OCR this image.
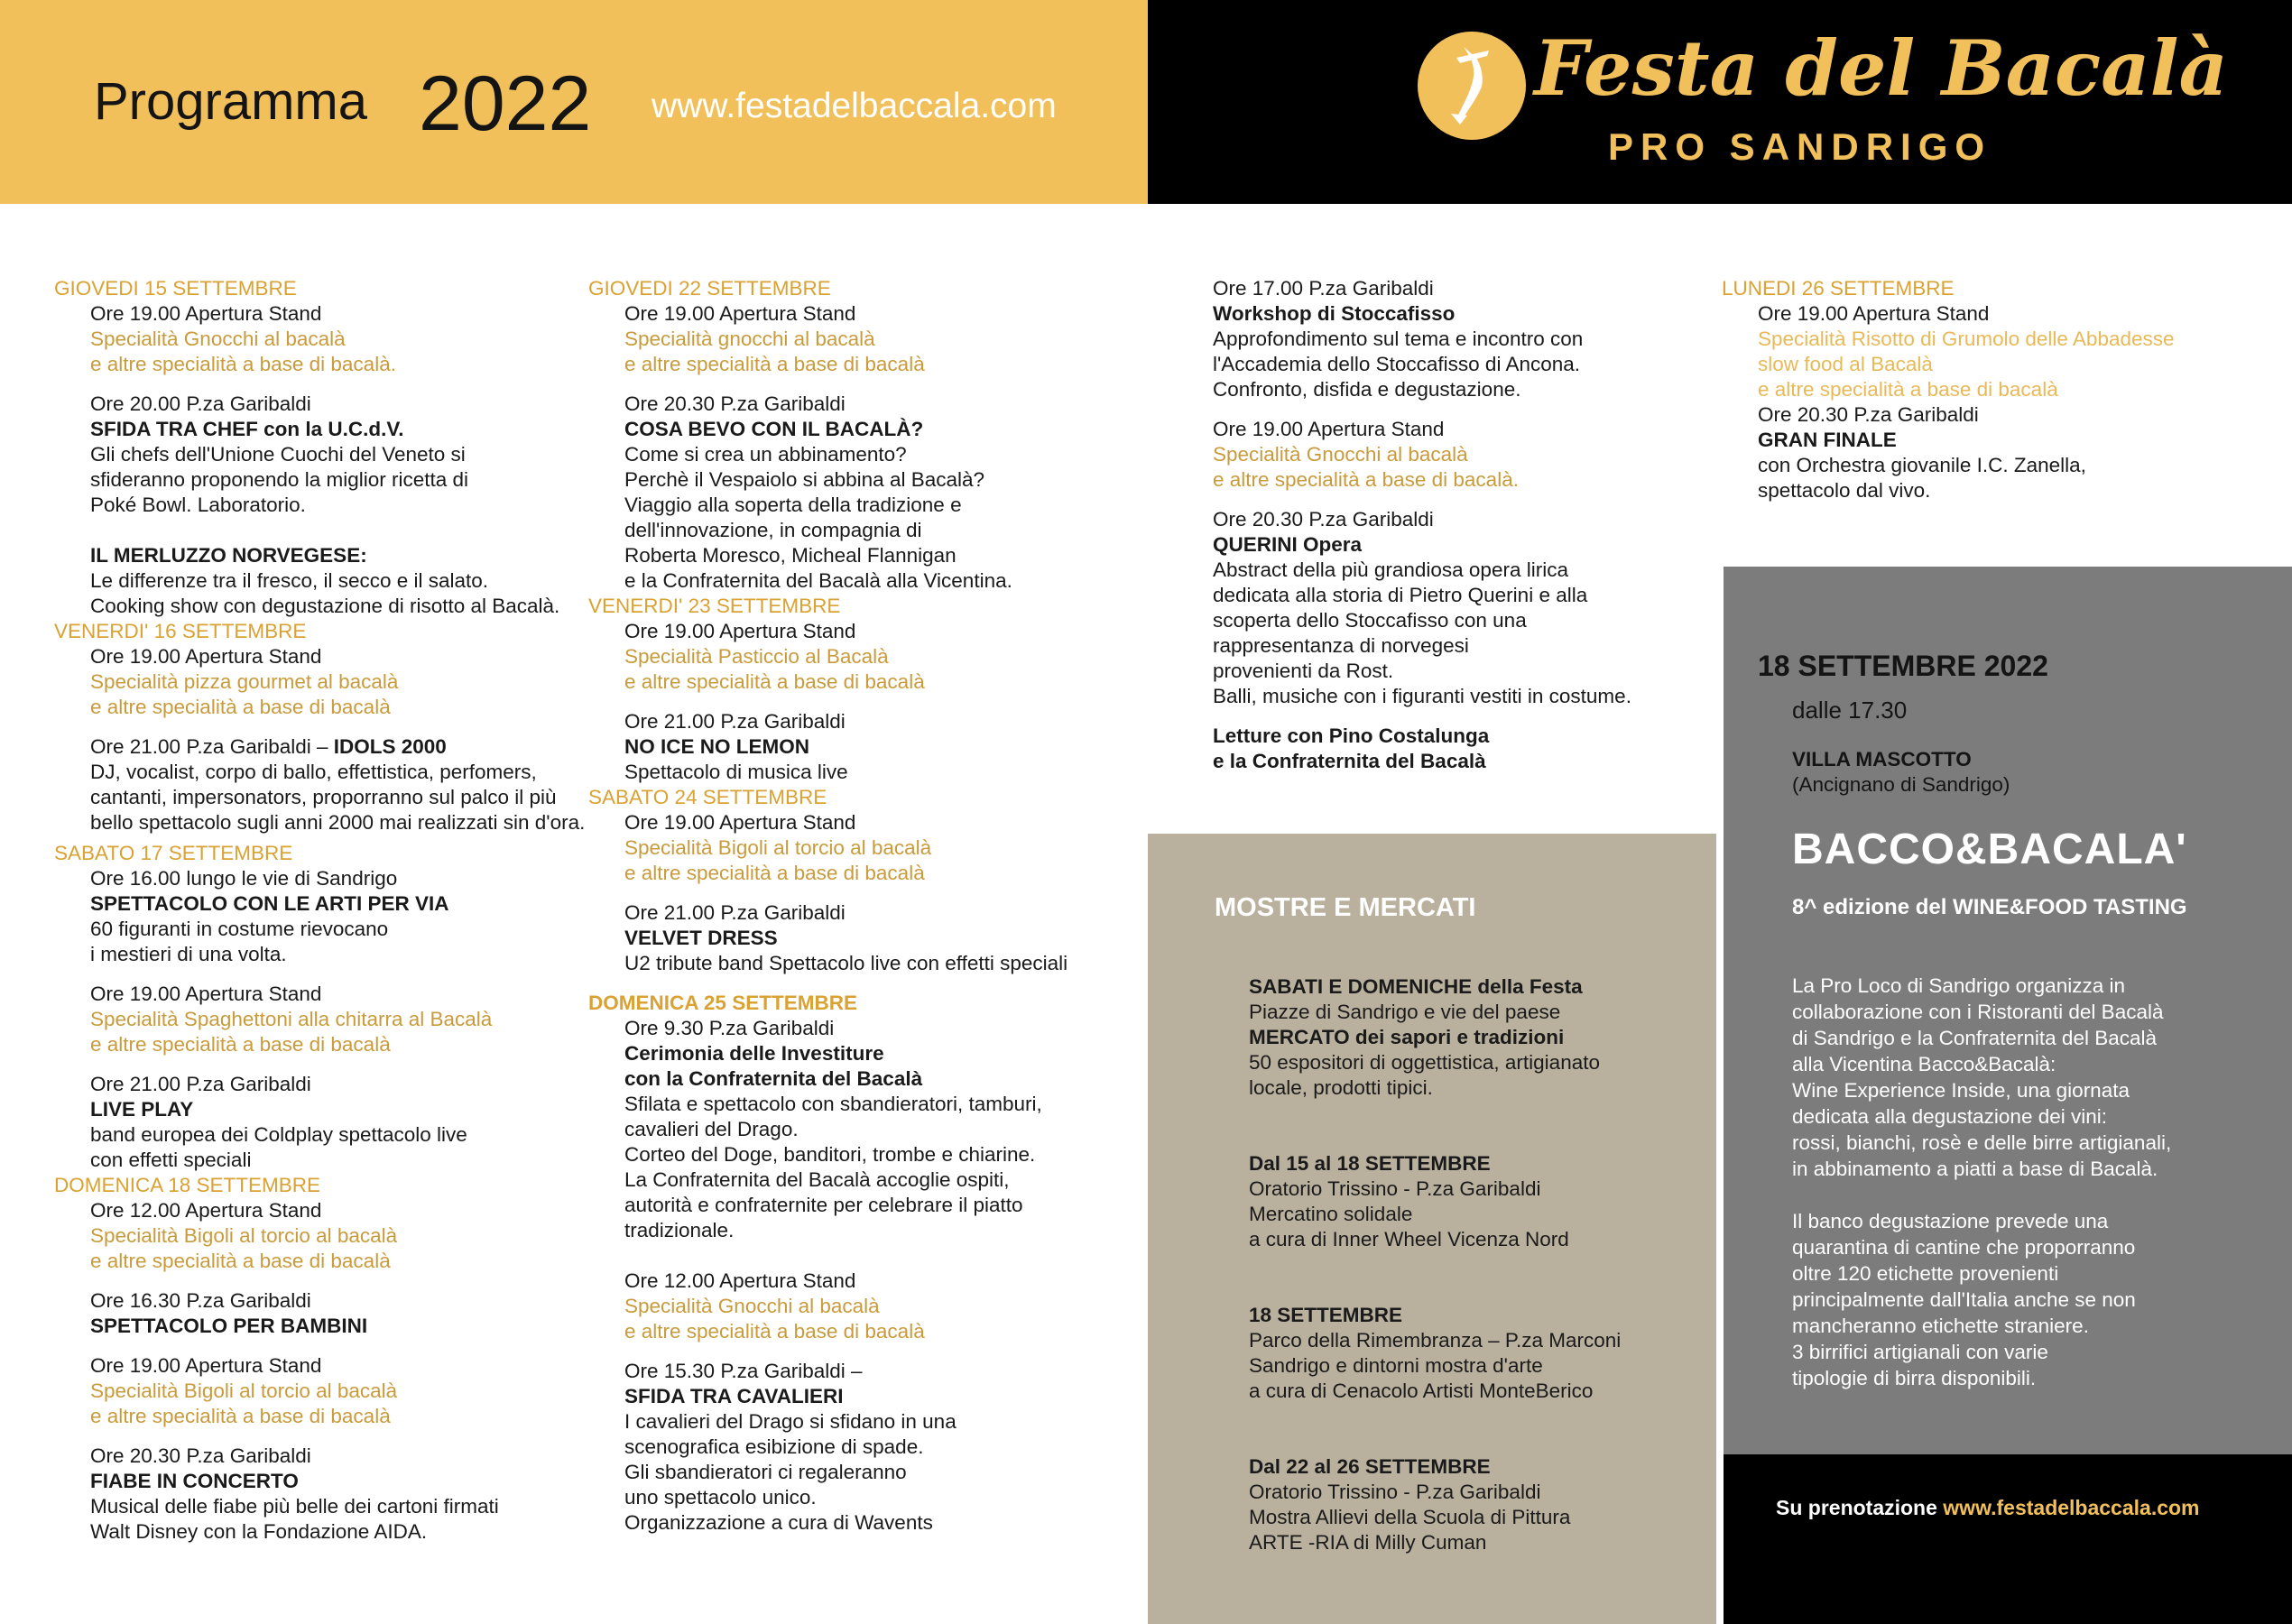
Programma 2022 www.festadelbaccala.com	Festa del Bacalà
PRO SANDRIGO
GIOVEDI 15 SETTEMBRE
Ore 19.00 Apertura Stand
Specialità Gnocchi al bacalà
e altre specialità a base di bacalà.
Ore 20.00 P.za Garibaldi
SFIDA TRA CHEF con la U.C.d.V.
Gli chefs dell'Unione Cuochi del Veneto si
sfideranno proponendo la miglior ricetta di
Poké Bowl. Laboratorio.
IL MERLUZZO NORVEGESE:
Le differenze tra il fresco, il secco e il salato.
Cooking show con degustazione di risotto al Bacalà.
VENERDI' 16 SETTEMBRE
Ore 19.00 Apertura Stand
Specialità pizza gourmet al bacalà
e altre specialità a base di bacalà
Ore 21.00 P.za Garibaldi – IDOLS 2000
DJ, vocalist, corpo di ballo, effettistica, perfomers,
cantanti, impersonators, proporranno sul palco il più
bello spettacolo sugli anni 2000 mai realizzati sin d'ora.
SABATO 17 SETTEMBRE
Ore 16.00 lungo le vie di Sandrigo
SPETTACOLO CON LE ARTI PER VIA
60 figuranti in costume rievocano
i mestieri di una volta.
Ore 19.00 Apertura Stand
Specialità Spaghettoni alla chitarra al Bacalà
e altre specialità a base di bacalà
Ore 21.00 P.za Garibaldi
LIVE PLAY
band europea dei Coldplay spettacolo live
con effetti speciali
DOMENICA 18 SETTEMBRE
Ore 12.00 Apertura Stand
Specialità Bigoli al torcio al bacalà
e altre specialità a base di bacalà
Ore 16.30 P.za Garibaldi
SPETTACOLO PER BAMBINI
Ore 19.00 Apertura Stand
Specialità Bigoli al torcio al bacalà
e altre specialità a base di bacalà
Ore 20.30 P.za Garibaldi
FIABE IN CONCERTO
Musical delle fiabe più belle dei cartoni firmati
Walt Disney con la Fondazione AIDA.
GIOVEDI 22 SETTEMBRE
Ore 19.00 Apertura Stand
Specialità gnocchi al bacalà
e altre specialità a base di bacalà
Ore 20.30 P.za Garibaldi
COSA BEVO CON IL BACALÀ?
Come si crea un abbinamento?
Perchè il Vespaiolo si abbina al Bacalà?
Viaggio alla soperta della tradizione e
dell'innovazione, in compagnia di
Roberta Moresco, Micheal Flannigan
e la Confraternita del Bacalà alla Vicentina.
VENERDI' 23 SETTEMBRE
Ore 19.00 Apertura Stand
Specialità Pasticcio al Bacalà
e altre specialità a base di bacalà
Ore 21.00 P.za Garibaldi
NO ICE NO LEMON
Spettacolo di musica live
SABATO 24 SETTEMBRE
Ore 19.00 Apertura Stand
Specialità Bigoli al torcio al bacalà
e altre specialità a base di bacalà
Ore 21.00 P.za Garibaldi
VELVET DRESS
U2 tribute band Spettacolo live con effetti speciali
DOMENICA 25 SETTEMBRE
Ore 9.30 P.za Garibaldi
Cerimonia delle Investiture
con la Confraternita del Bacalà
Sfilata e spettacolo con sbandieratori, tamburi,
cavalieri del Drago.
Corteo del Doge, banditori, trombe e chiarine.
La Confraternita del Bacalà accoglie ospiti,
autorità e confraternite per celebrare il piatto
tradizionale.
Ore 12.00 Apertura Stand
Specialità Gnocchi al bacalà
e altre specialità a base di bacalà
Ore 15.30 P.za Garibaldi –
SFIDA TRA CAVALIERI
I cavalieri del Drago si sfidano in una
scenografica esibizione di spade.
Gli sbandieratori ci regaleranno
uno spettacolo unico.
Organizzazione a cura di Wavents
Ore 17.00 P.za Garibaldi
Workshop di Stoccafisso
Approfondimento sul tema e incontro con
l'Accademia dello Stoccafisso di Ancona.
Confronto, disfida e degustazione.
Ore 19.00 Apertura Stand
Specialità Gnocchi al bacalà
e altre specialità a base di bacalà.
Ore 20.30 P.za Garibaldi
QUERINI Opera
Abstract della più grandiosa opera lirica
dedicata alla storia di Pietro Querini e alla
scoperta dello Stoccafisso con una
rappresentanza di norvegesi
provenienti da Rost.
Balli, musiche con i figuranti vestiti in costume.
Letture con Pino Costalunga
e la Confraternita del Bacalà
LUNEDI 26 SETTEMBRE
Ore 19.00 Apertura Stand
Specialità Risotto di Grumolo delle Abbadesse
slow food al Bacalà
e altre specialità a base di bacalà
Ore 20.30 P.za Garibaldi
GRAN FINALE
con Orchestra giovanile I.C. Zanella,
spettacolo dal vivo.
MOSTRE E MERCATI
SABATI E DOMENICHE della Festa
Piazze di Sandrigo e vie del paese
MERCATO dei sapori e tradizioni
50 espositori di oggettistica, artigianato
locale, prodotti tipici.
Dal 15 al 18 SETTEMBRE
Oratorio Trissino - P.za Garibaldi
Mercatino solidale
a cura di Inner Wheel Vicenza Nord
18 SETTEMBRE
Parco della Rimembranza – P.za Marconi
Sandrigo e dintorni mostra d'arte
a cura di Cenacolo Artisti MonteBerico
Dal 22 al 26 SETTEMBRE
Oratorio Trissino - P.za Garibaldi
Mostra Allievi della Scuola di Pittura
ARTE -RIA di Milly Cuman
18 SETTEMBRE 2022
dalle 17.30
VILLA MASCOTTO
(Ancignano di Sandrigo)
BACCO&BACALA'
8^ edizione del WINE&FOOD TASTING
La Pro Loco di Sandrigo organizza in
collaborazione con i Ristoranti del Bacalà
di Sandrigo e la Confraternita del Bacalà
alla Vicentina Bacco&Bacalà:
Wine Experience Inside, una giornata
dedicata alla degustazione dei vini:
rossi, bianchi, rosè e delle birre artigianali,
in abbinamento a piatti a base di Bacalà.
Il banco degustazione prevede una
quarantina di cantine che proporranno
oltre 120 etichette provenienti
principalmente dall'Italia anche se non
mancheranno etichette straniere.
3 birrifici artigianali con varie
tipologie di birra disponibili.
Su prenotazione www.festadelbaccala.com
